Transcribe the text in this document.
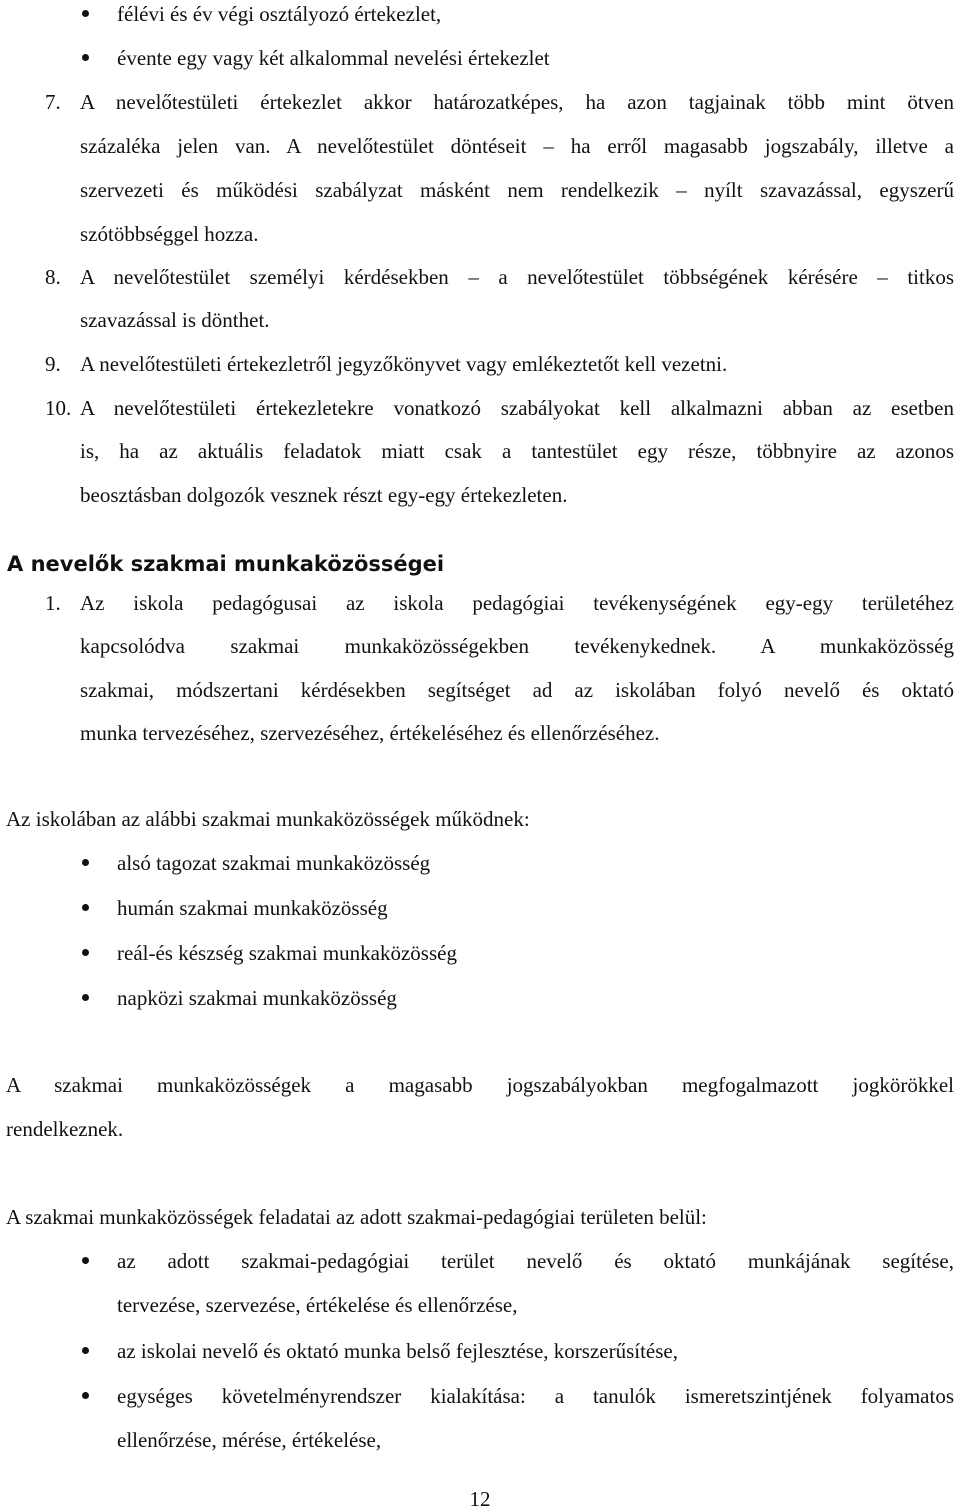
félévi és év végi osztályozó értekezlet,
évente egy vagy két alkalommal nevelési értekezlet
7. A nevelőtestületi értekezlet akkor határozatképes, ha azon tagjainak több mint ötven
százaléka jelen van. A nevelőtestület döntéseit – ha erről magasabb jogszabály, illetve a
szervezeti és működési szabályzat másként nem rendelkezik – nyílt szavazással, egyszerű
szótöbbséggel hozza.
8. A nevelőtestület személyi kérdésekben – a nevelőtestület többségének kérésére – titkos
szavazással is dönthet.
9. A nevelőtestületi értekezletről jegyzőkönyvet vagy emlékeztetőt kell vezetni.
10. A nevelőtestületi értekezletekre vonatkozó szabályokat kell alkalmazni abban az esetben
is, ha az aktuális feladatok miatt csak a tantestület egy része, többnyire az azonos
beosztásban dolgozók vesznek részt egy-egy értekezleten.
A nevelők szakmai munkaközösségei
1. Az iskola pedagógusai az iskola pedagógiai tevékenységének egy-egy területéhez
kapcsolódva szakmai munkaközösségekben tevékenykednek. A munkaközösség
szakmai, módszertani kérdésekben segítséget ad az iskolában folyó nevelő és oktató
munka tervezéséhez, szervezéséhez, értékeléséhez és ellenőrzéséhez.
Az iskolában az alábbi szakmai munkaközösségek működnek:
alsó tagozat szakmai munkaközösség
humán szakmai munkaközösség
reál-és készség szakmai munkaközösség
napközi szakmai munkaközösség
A szakmai munkaközösségek a magasabb jogszabályokban megfogalmazott jogkörökkel
rendelkeznek.
A szakmai munkaközösségek feladatai az adott szakmai-pedagógiai területen belül:
az adott szakmai-pedagógiai terület nevelő és oktató munkájának segítése,
tervezése, szervezése, értékelése és ellenőrzése,
az iskolai nevelő és oktató munka belső fejlesztése, korszerűsítése,
egységes követelményrendszer kialakítása: a tanulók ismeretszintjének folyamatos
ellenőrzése, mérése, értékelése,
12
